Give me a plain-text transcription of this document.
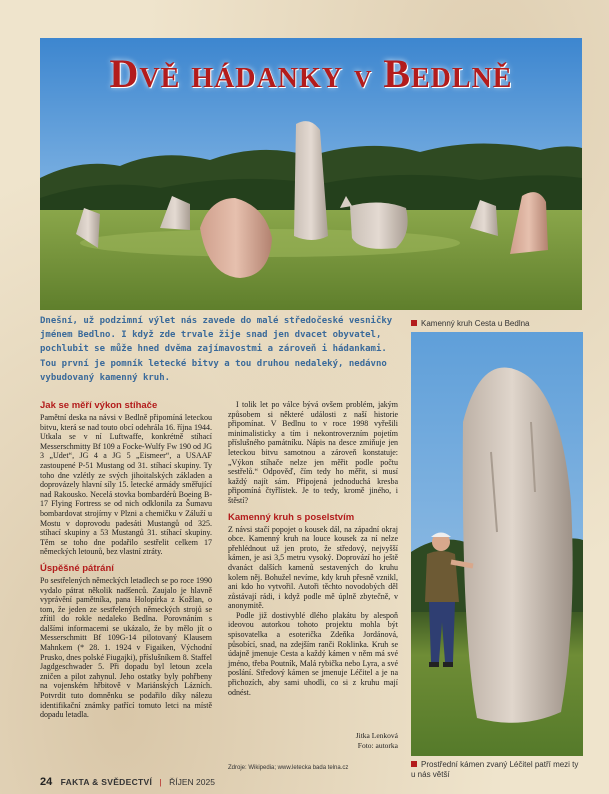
Dvě hádanky v Bedlně
Dnešní, už podzimní výlet nás zavede do malé středočeské vesničky jménem Bedlno. I když zde trvale žije snad jen dvacet obyvatel, pochlubit se může hned dvěma zajímavostmi a zároveň i hádankami. Tou první je pomník letecké bitvy a tou druhou nedaleký, nedávno vybudovaný kamenný kruh.
Jak se měří výkon stíhače

Pamětní deska na návsi v Bedlně připomíná leteckou bitvu, která se nad touto obcí odehrála 16. října 1944. Utkala se v ní Luftwaffe, konkrétně stíhací Messerschmitty Bf 109 a Focke-Wulfy Fw 190 od JG 3 „Udet“, JG 4 a JG 5 „Eismeer“, a USAAF zastoupené P-51 Mustang od 31. stíhací skupiny. Ty toho dne vzlétly ze svých jihoitalských základen a doprovázely hlavní síly 15. letecké armády směřující nad Rakousko. Necelá stovka bombardérů Boeing B-17 Flying Fortress se od nich odklonila za Šumavu bombardovat strojírny v Plzni a chemičku v Záluží u Mostu v doprovodu padesáti Mustangů od 325. stíhací skupiny a 53 Mustangů 31. stíhací skupiny. Těm se toho dne podařilo sestřelit celkem 17 německých letounů, bez vlastní ztráty.

Úspěšné pátrání

Po sestřelených německých letadlech se po roce 1990 vydalo pátrat několik nadšenců. Zaujalo je hlavně vyprávění pamětníka, pana Holopírka z Kožlan, o tom, že jeden ze sestřelených německých strojů se zřítil do rokle nedaleko Bedlna. Porovnáním s dalšími informacemi se ukázalo, že by mělo jít o Messerschmitt Bf 109G-14 pilotovaný Klausem Mahnkem (* 28. 1. 1924 v Figaiken, Východní Prusko, dnes polské Fiugajki), příslušníkem 8. Staffel Jagdgeschwader 5. Při dopadu byl letoun zcela zničen a pilot zahynul. Jeho ostatky byly pohřbeny na vojenském hřbitově v Mariánských Lázních. Potvrdit tuto domněnku se podařilo díky nálezu identifikační známky patřící tomuto letci na místě dopadu letadla.

I tolik let po válce bývá ovšem problém, jakým způsobem si některé události z naší historie připomínat. V Bedlnu to v roce 1998 vyřešili minimalisticky a tím i nekontroverzním pojetím příslušného památníku. Nápis na desce zmiňuje jen leteckou bitvu samotnou a zároveň konstatuje: „Výkon stíhače nelze jen měřit podle počtu sestřelů.“ Odpověď, čím tedy ho měřit, si musí každý najít sám. Připojená jednoduchá kresba připomíná čtyřlístek. Je to tedy, kromě jiného, i štěstí?

Kamenný kruh s poselstvím

Z návsi stačí popojet o kousek dál, na západní okraj obce. Kamenný kruh na louce kousek za ní nelze přehlédnout už jen proto, že středový, nejvyšší kámen, je asi 3,5 metru vysoký. Doprovází ho ještě dvanáct dalších kamenů sestavených do kruhu kolem něj. Bohužel nevíme, kdy kruh přesně vznikl, ani kdo ho vytvořil. Autoři těchto novodobých děl zůstávají rádi, i když podle mě úplně zbytečně, v anonymitě.

Podle již dostivyblé dlého plakátu by alespoň ideovou autorkou tohoto projektu mohla být spisovatelka a esoterička Zdeňka Jordánová, působící, snad, na zdejším ranči Roklinka. Kruh se údajně jmenuje Cesta a každý kámen v něm má své jméno, třeba Poutník, Malá rybička nebo Lyra, a své poslání. Středový kámen se jmenuje Léčitel a je na přichozích, aby sami uhodli, co si z kruhu mají odnést.

Jitka Lenková
Foto: autorka
Zdroje: Wikipedia; www.letecka bada telna.cz
Kamenný kruh Cesta u Bedlna
Prostřední kámen zvaný Léčitel patří mezi ty u nás větší
24 FAKTA & SVĚDECTVÍ | ŘÍJEN 2025
